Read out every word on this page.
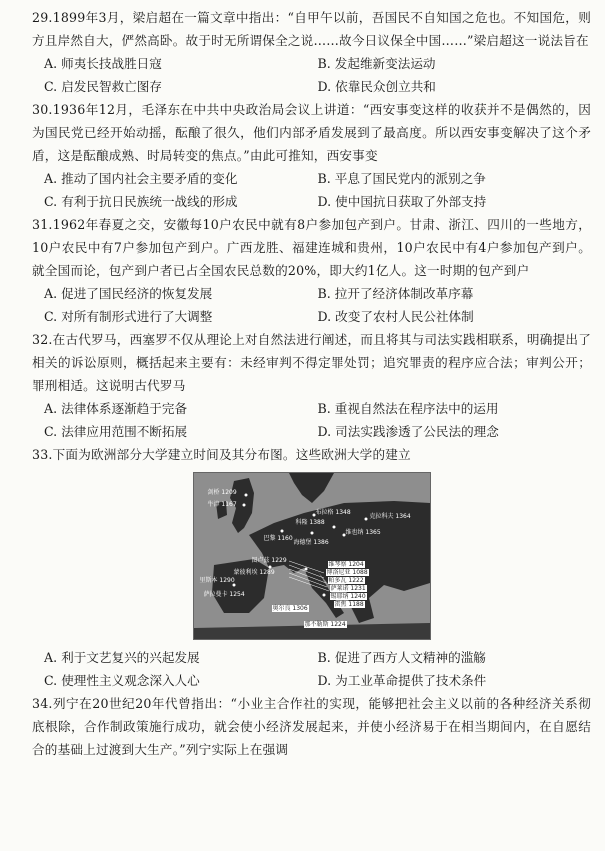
29.1899年3月，梁启超在一篇文章中指出：“自甲午以前，吾国民不自知国之危也。不知国危，则方且岸然自大，俨然高卧。故于时无所谓保全之说……故今日议保全中国……”梁启超这一说法旨在
A. 师夷长技战胜日寇	B. 发起维新变法运动
C. 启发民智救亡图存	D. 依靠民众创立共和
30.1936年12月，毛泽东在中共中央政治局会议上讲道：“西安事变这样的收获并不是偶然的，因为国民党已经开始动摇，酝酿了很久，他们内部矛盾发展到了最高度。所以西安事变解决了这个矛盾，这是酝酿成熟、时局转变的焦点。”由此可推知，西安事变
A. 推动了国内社会主要矛盾的变化	B. 平息了国民党内的派别之争
C. 有利于抗日民族统一战线的形成	D. 使中国抗日获取了外部支持
31.1962年春夏之交，安徽每10户农民中就有8户参加包产到户。甘肃、浙江、四川的一些地方，10户农民中有7户参加包产到户。广西龙胜、福建连城和贵州，10户农民中有4户参加包产到户。就全国而论，包产到户者已占全国农民总数的20%，即大约1亿人。这一时期的包产到户
A. 促进了国民经济的恢复发展	B. 拉开了经济体制改革序幕
C. 对所有制形式进行了大调整	D. 改变了农村人民公社体制
32.在古代罗马，西塞罗不仅从理论上对自然法进行阐述，而且将其与司法实践相联系，明确提出了相关的诉讼原则，概括起来主要有：未经审判不得定罪处罚；追究罪责的程序应合法；审判公开；罪刑相适。这说明古代罗马
A. 法律体系逐渐趋于完备	B. 重视自然法在程序法中的运用
C. 法律应用范围不断拓展	D. 司法实践渗透了公民法的理念
33.下面为欧洲部分大学建立时间及其分布图。这些欧洲大学的建立
剑桥 1209
牛津 1167
巴黎 1160
萨拉曼卡 1254
蒙彼利埃 1289	博洛尼亚 1088
帕多瓦 1222
那不勒斯 1224
布拉格 1348
克拉科夫 1364
维也纳 1365
海德堡 1386
科隆 1388
里斯本 1290
图卢兹 1229
奥尔良 1306
萨莱诺 1231
锡耶纳 1240
维琴察 1204
雷焦 1188
A. 利于文艺复兴的兴起发展	B. 促进了西方人文精神的滥觞
C. 使理性主义观念深入人心	D. 为工业革命提供了技术条件
34.列宁在20世纪20年代曾指出：“小业主合作社的实现，能够把社会主义以前的各种经济关系彻底根除，合作制政策施行成功，就会使小经济发展起来，并使小经济易于在相当期间内，在自愿结合的基础上过渡到大生产。”列宁实际上在强调
